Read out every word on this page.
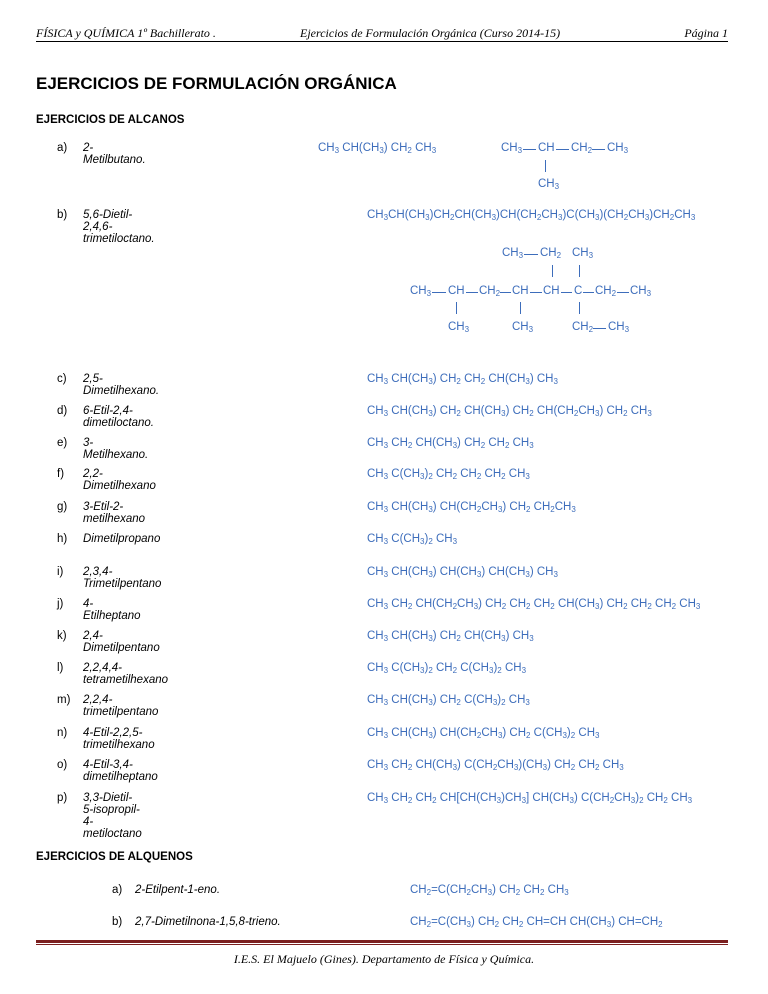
FÍSICA y QUÍMICA 1º Bachillerato .	Ejercicios de Formulación Orgánica (Curso 2014-15)	Página 1
EJERCICIOS DE FORMULACIÓN ORGÁNICA
EJERCICIOS DE ALCANOS
a) 2-Metilbutano.
$CH_3$ $CH(CH_3)$ $CH_2$ $CH_3$
b) 5,6-Dietil-2,4,6-trimetiloctano.
$CH_3CH(CH_3)CH_2CH(CH_3)CH(CH_2CH_3)C(CH_3)(CH_2CH_3)CH_2CH_3$
c) 2,5-Dimetilhexano.
$CH_3$ $CH(CH_3)$ $CH_2$ $CH_2$ $CH(CH_3)$ $CH_3$
d) 6-Etil-2,4-dimetiloctano.
$CH_3$ $CH(CH_3)$ $CH_2$ $CH(CH_3)$ $CH_2$ $CH(CH_2CH_3)$ $CH_2$ $CH_3$
e) 3-Metilhexano.
$CH_3$ $CH_2$ $CH(CH_3)$ $CH_2$ $CH_2$ $CH_3$
f) 2,2-Dimetilhexano
$CH_3$ $C(CH_3)_2$ $CH_2$ $CH_2$ $CH_2$ $CH_3$
g) 3-Etil-2-metilhexano
$CH_3$ $CH(CH_3)$ $CH(CH_2CH_3)$ $CH_2$ $CH_2CH_3$
h) Dimetilpropano	$CH_3$ $C(CH_3)_2$ $CH_3$
i) 2,3,4-Trimetilpentano
$CH_3$ $CH(CH_3)$ $CH(CH_3)$ $CH(CH_3)$ $CH_3$
j) 4-Etilheptano
$CH_3$ $CH_2$ $CH(CH_2CH_3)$ $CH_2$ $CH_2$ $CH_2$ $CH(CH_3)$ $CH_2$ $CH_2$ $CH_2$ $CH_3$
k) 2,4-Dimetilpentano
$CH_3$ $CH(CH_3)$ $CH_2$ $CH(CH_3)$ $CH_3$
l) 2,2,4,4-tetrametilhexano
$CH_3$ $C(CH_3)_2$ $CH_2$ $C(CH_3)_2$ $CH_3$
m) 2,2,4-trimetilpentano
$CH_3$ $CH(CH_3)$ $CH_2$ $C(CH_3)_2$ $CH_3$
n) 4-Etil-2,2,5-trimetilhexano
$CH_3$ $CH(CH_3)$ $CH(CH_2CH_3)$ $CH_2$ $C(CH_3)_2$ $CH_3$
o) 4-Etil-3,4-dimetilheptano
$CH_3$ $CH_2$ $CH(CH_3)$ $C(CH_2CH_3)(CH_3)$ $CH_2$ $CH_2$ $CH_3$
p) 3,3-Dietil-5-isopropil-4-metiloctano
$CH_3$ $CH_2$ $CH_2$ $CH[CH(CH_3)CH_3]$ $CH(CH_3)$ $C(CH_2CH_3)_2$ $CH_2$ $CH_3$
$CH_3$ CH $CH_2$ $CH_3$
$CH_3$
$CH_3$ $CH_2$ $CH_3$
$CH_3$ CH $CH_2$ CH CH C $CH_2$ $CH_3$
$CH_3$	$CH_3$	$CH_2$ $CH_3$
EJERCICIOS DE ALQUENOS
a) 2-Etilpent-1-eno.	$CH_2=C(CH_2CH_3)$ $CH_2$ $CH_2$ $CH_3$
b) 2,7-Dimetilnona-1,5,8-trieno.	$CH_2=C(CH_3)$ $CH_2$ $CH_2$ CH=CH $CH(CH_3)$ $CH=CH_2$
I.E.S. El Majuelo (Gines). Departamento de Física y Química.
